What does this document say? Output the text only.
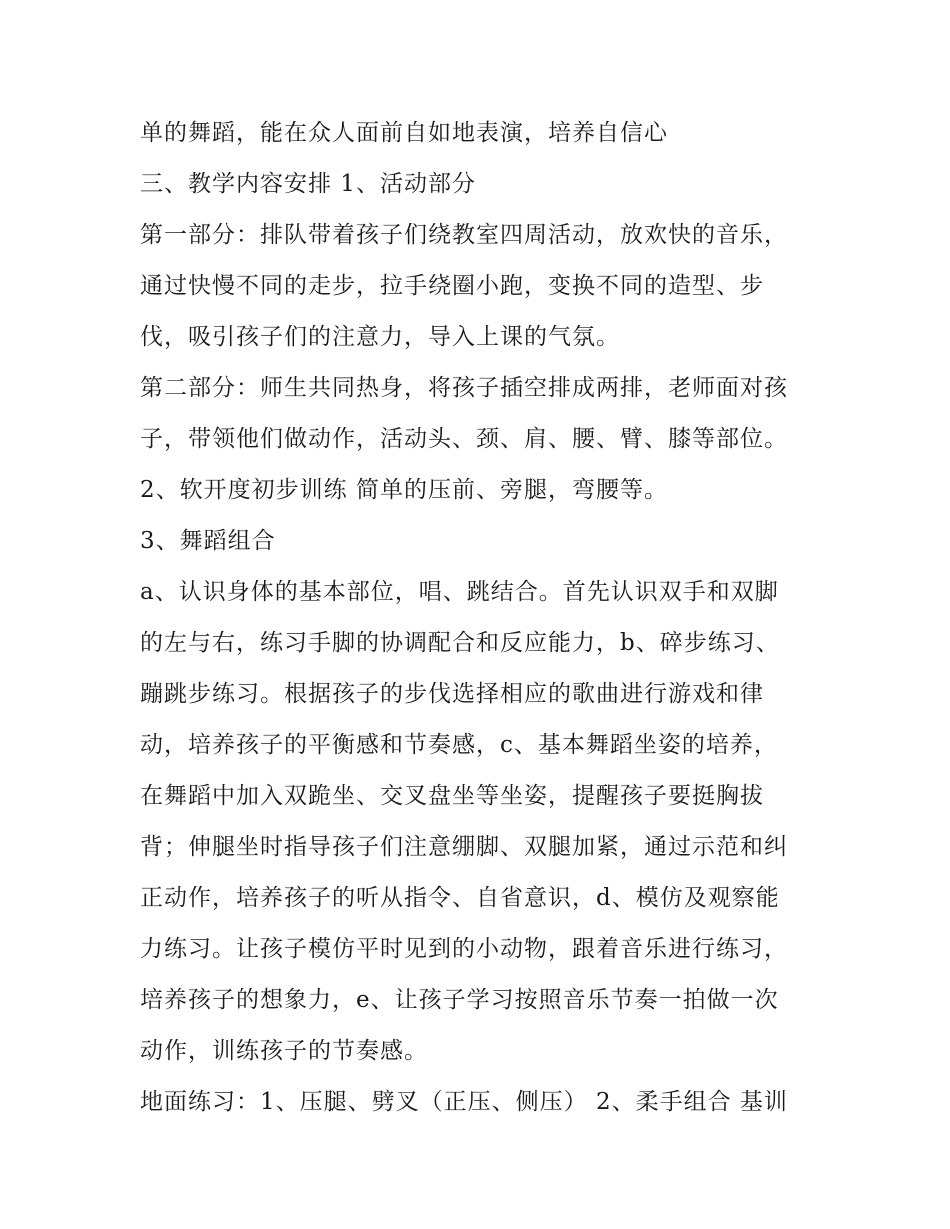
单的舞蹈，能在众人面前自如地表演，培养自信心
三、教学内容安排 1、活动部分
第一部分：排队带着孩子们绕教室四周活动，放欢快的音乐，
通过快慢不同的走步，拉手绕圈小跑，变换不同的造型、步
伐，吸引孩子们的注意力，导入上课的气氛。
第二部分：师生共同热身，将孩子插空排成两排，老师面对孩
子，带领他们做动作，活动头、颈、肩、腰、臂、膝等部位。
2、软开度初步训练 简单的压前、旁腿，弯腰等。
3、舞蹈组合
a、认识身体的基本部位，唱、跳结合。首先认识双手和双脚
的左与右，练习手脚的协调配合和反应能力，b、碎步练习、
蹦跳步练习。根据孩子的步伐选择相应的歌曲进行游戏和律
动，培养孩子的平衡感和节奏感，c、基本舞蹈坐姿的培养，
在舞蹈中加入双跪坐、交叉盘坐等坐姿，提醒孩子要挺胸拔
背；伸腿坐时指导孩子们注意绷脚、双腿加紧，通过示范和纠
正动作，培养孩子的听从指令、自省意识，d、模仿及观察能
力练习。让孩子模仿平时见到的小动物，跟着音乐进行练习，
培养孩子的想象力，e、让孩子学习按照音乐节奏一拍做一次
动作，训练孩子的节奏感。
地面练习：1、压腿、劈叉（正压、侧压） 2、柔手组合 基训
